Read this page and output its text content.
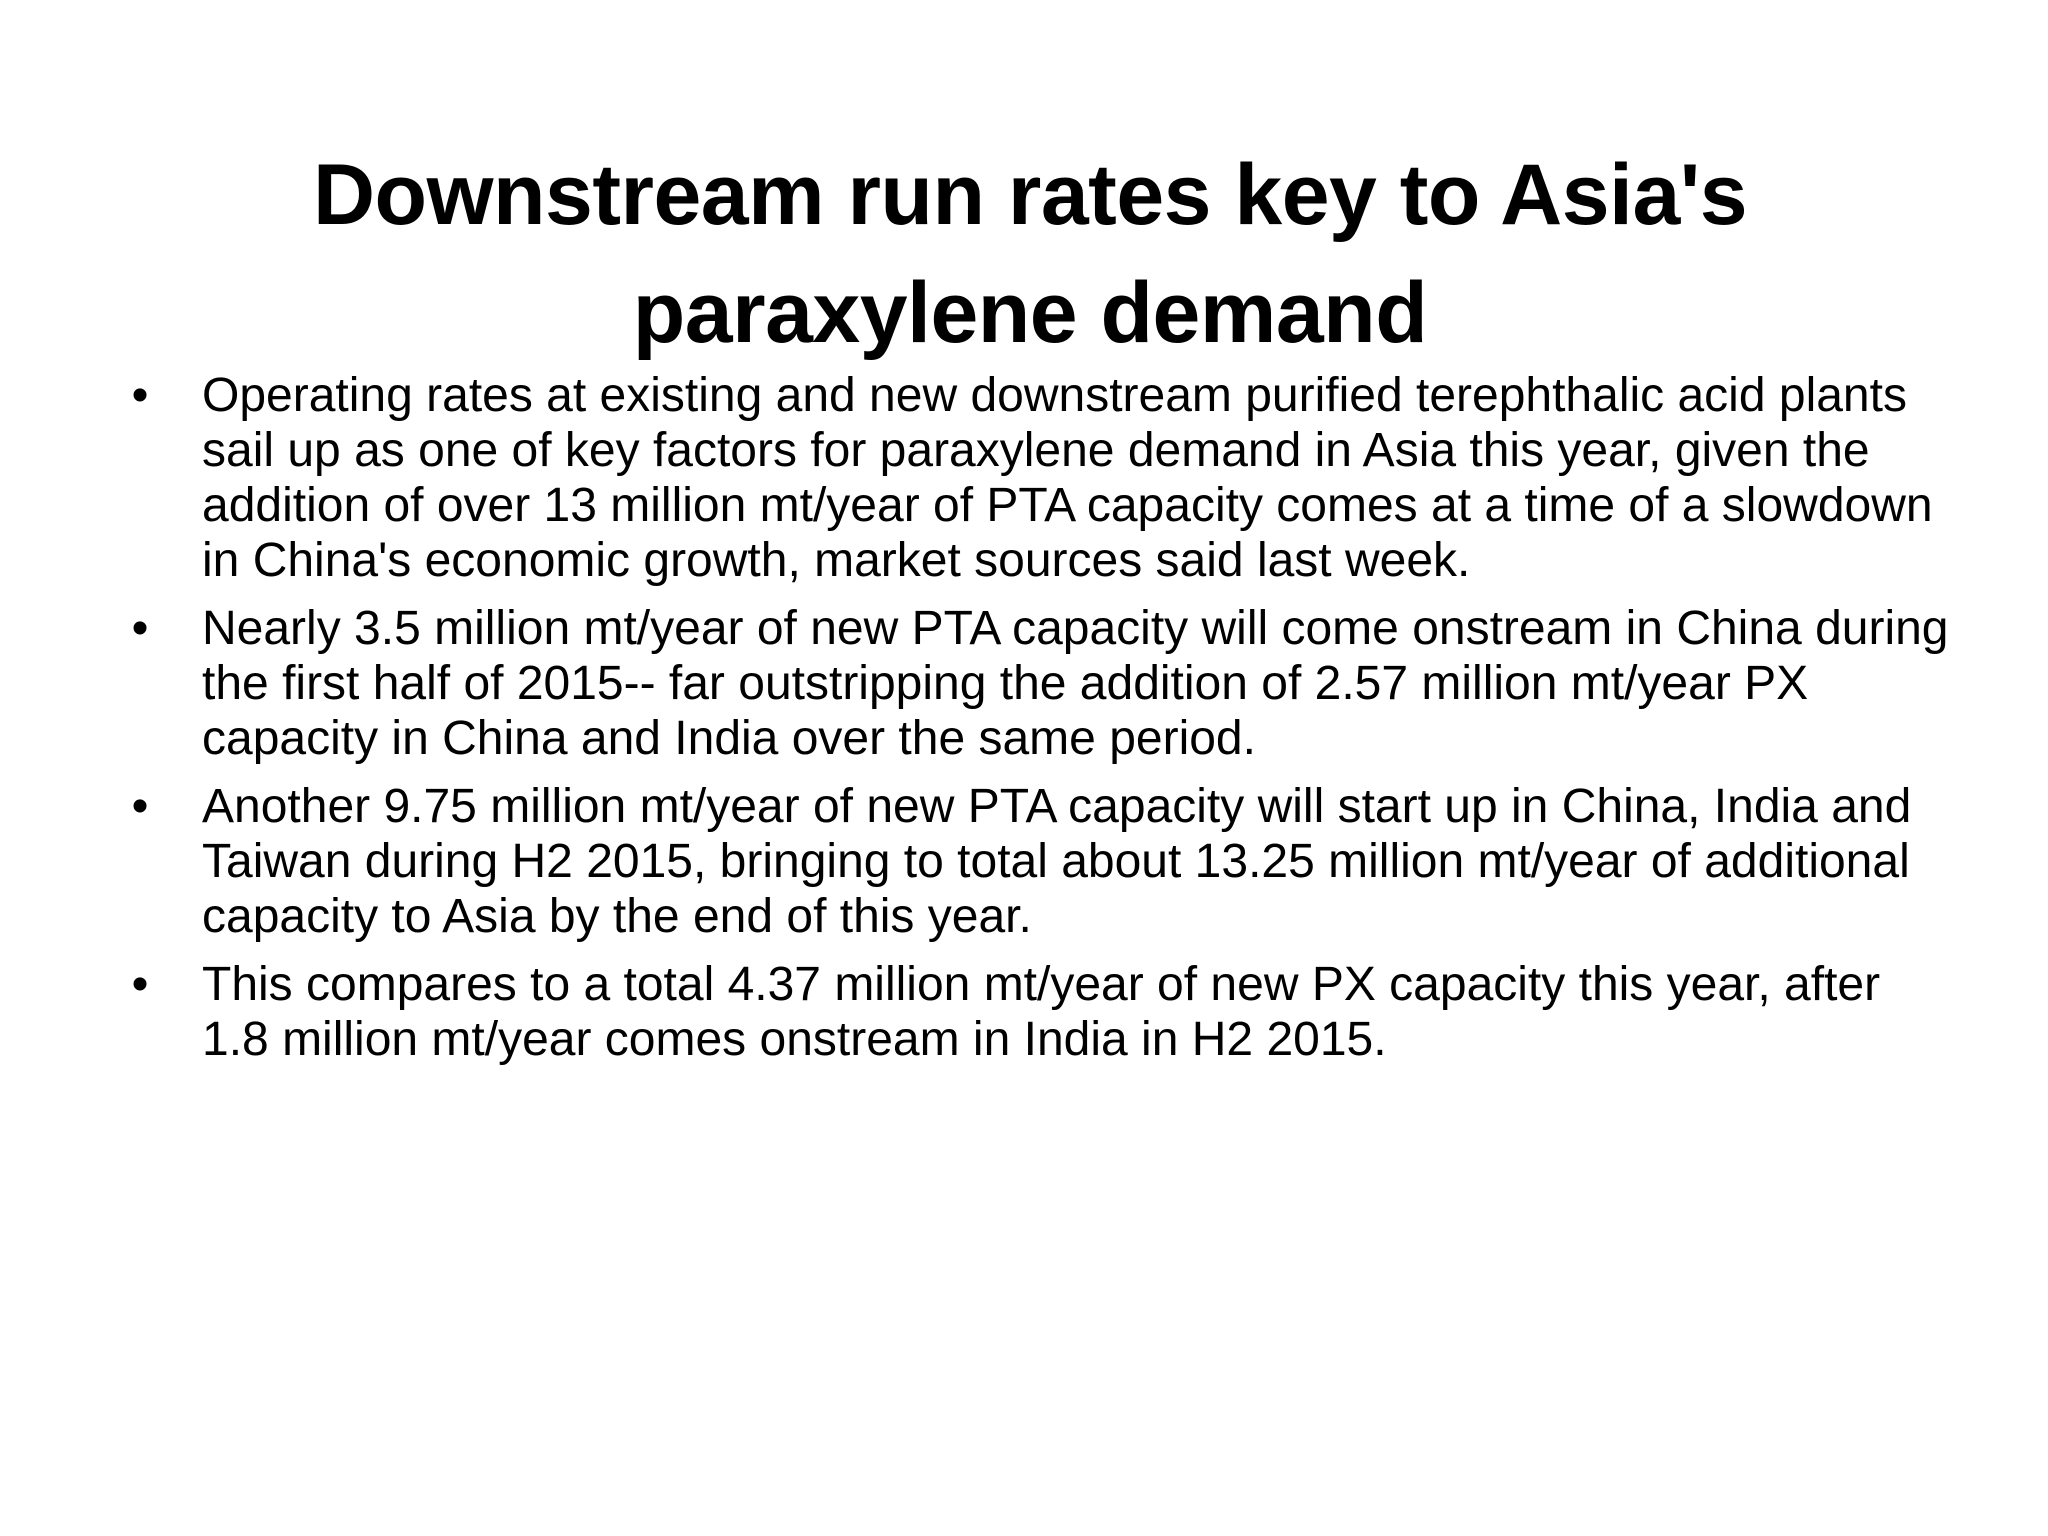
Downstream run rates key to Asia's paraxylene demand
• Operating rates at existing and new downstream purified terephthalic acid plants sail up as one of key factors for paraxylene demand in Asia this year, given the addition of over 13 million mt/year of PTA capacity comes at a time of a slowdown in China's economic growth, market sources said last week.
• Nearly 3.5 million mt/year of new PTA capacity will come onstream in China during the first half of 2015-- far outstripping the addition of 2.57 million mt/year PX capacity in China and India over the same period.
• Another 9.75 million mt/year of new PTA capacity will start up in China, India and Taiwan during H2 2015, bringing to total about 13.25 million mt/year of additional capacity to Asia by the end of this year.
• This compares to a total 4.37 million mt/year of new PX capacity this year, after 1.8 million mt/year comes onstream in India in H2 2015.
